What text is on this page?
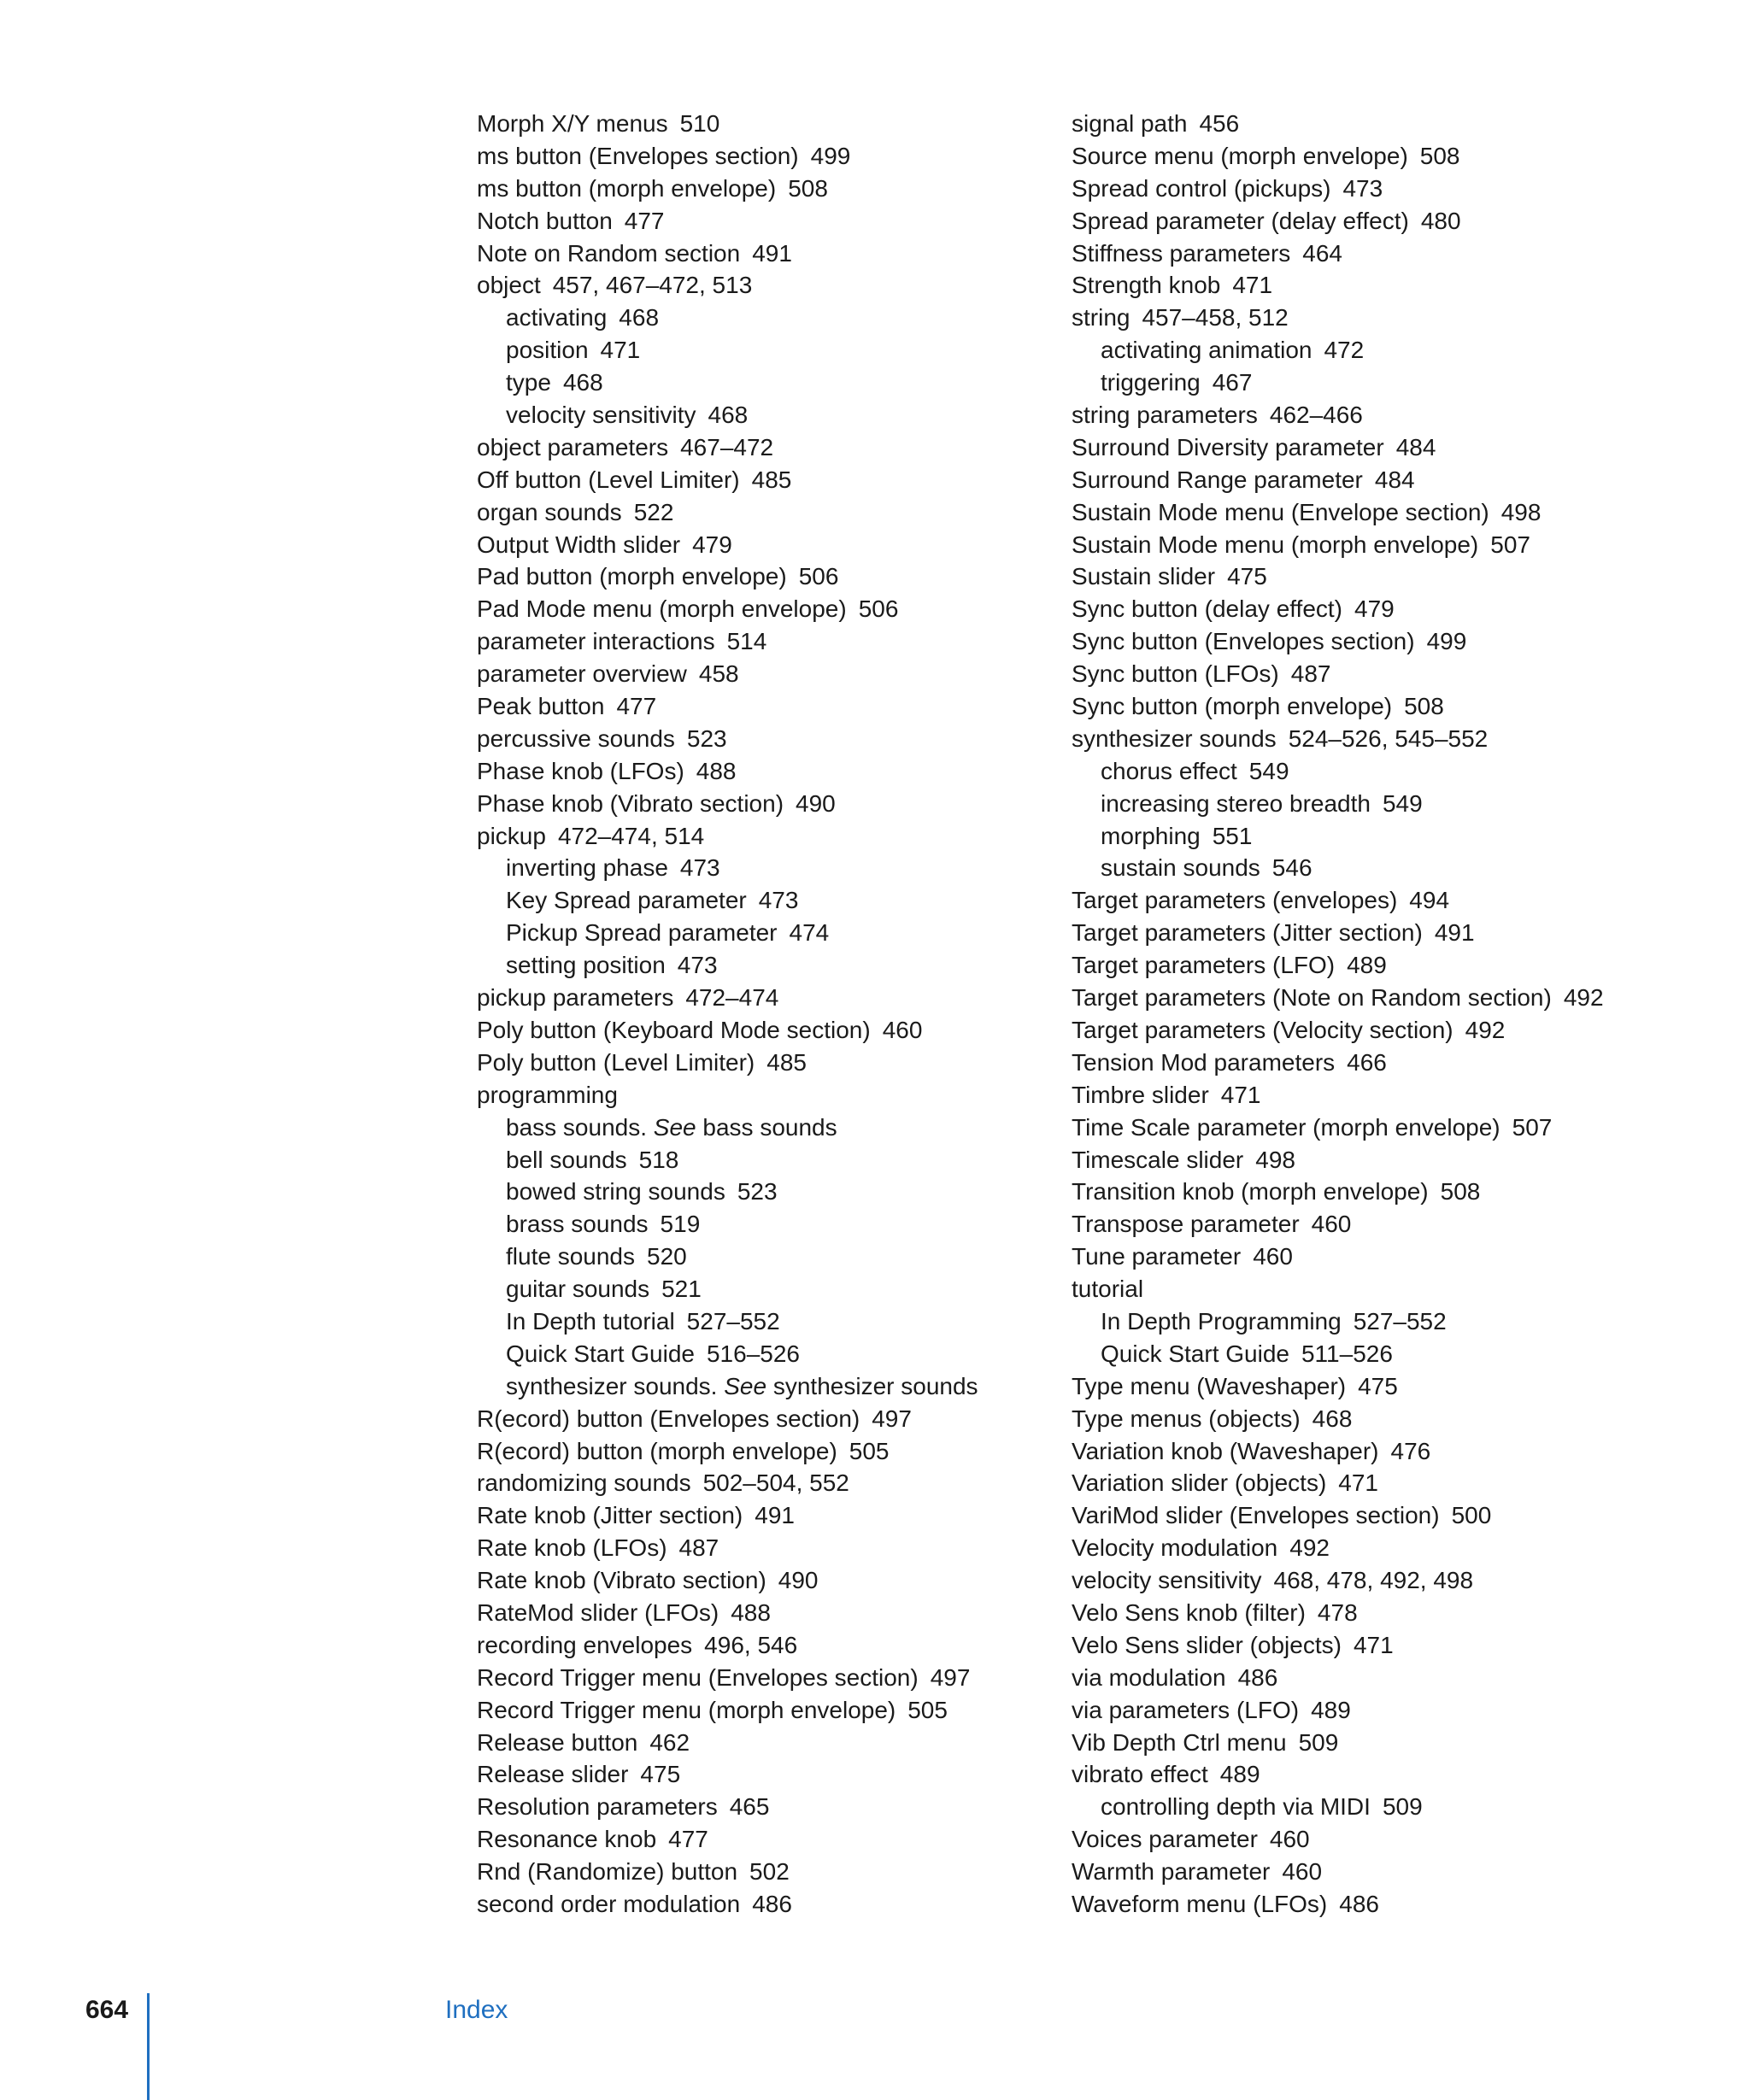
Morph X/Y menus 510
ms button (Envelopes section) 499
ms button (morph envelope) 508
Notch button 477
Note on Random section 491
object 457, 467–472, 513
activating 468
position 471
type 468
velocity sensitivity 468
object parameters 467–472
Off button (Level Limiter) 485
organ sounds 522
Output Width slider 479
Pad button (morph envelope) 506
Pad Mode menu (morph envelope) 506
parameter interactions 514
parameter overview 458
Peak button 477
percussive sounds 523
Phase knob (LFOs) 488
Phase knob (Vibrato section) 490
pickup 472–474, 514
inverting phase 473
Key Spread parameter 473
Pickup Spread parameter 474
setting position 473
pickup parameters 472–474
Poly button (Keyboard Mode section) 460
Poly button (Level Limiter) 485
programming
bass sounds. See bass sounds
bell sounds 518
bowed string sounds 523
brass sounds 519
flute sounds 520
guitar sounds 521
In Depth tutorial 527–552
Quick Start Guide 516–526
synthesizer sounds. See synthesizer sounds
R(ecord) button (Envelopes section) 497
R(ecord) button (morph envelope) 505
randomizing sounds 502–504, 552
Rate knob (Jitter section) 491
Rate knob (LFOs) 487
Rate knob (Vibrato section) 490
RateMod slider (LFOs) 488
recording envelopes 496, 546
Record Trigger menu (Envelopes section) 497
Record Trigger menu (morph envelope) 505
Release button 462
Release slider 475
Resolution parameters 465
Resonance knob 477
Rnd (Randomize) button 502
second order modulation 486
signal path 456
Source menu (morph envelope) 508
Spread control (pickups) 473
Spread parameter (delay effect) 480
Stiffness parameters 464
Strength knob 471
string 457–458, 512
activating animation 472
triggering 467
string parameters 462–466
Surround Diversity parameter 484
Surround Range parameter 484
Sustain Mode menu (Envelope section) 498
Sustain Mode menu (morph envelope) 507
Sustain slider 475
Sync button (delay effect) 479
Sync button (Envelopes section) 499
Sync button (LFOs) 487
Sync button (morph envelope) 508
synthesizer sounds 524–526, 545–552
chorus effect 549
increasing stereo breadth 549
morphing 551
sustain sounds 546
Target parameters (envelopes) 494
Target parameters (Jitter section) 491
Target parameters (LFO) 489
Target parameters (Note on Random section) 492
Target parameters (Velocity section) 492
Tension Mod parameters 466
Timbre slider 471
Time Scale parameter (morph envelope) 507
Timescale slider 498
Transition knob (morph envelope) 508
Transpose parameter 460
Tune parameter 460
tutorial
In Depth Programming 527–552
Quick Start Guide 511–526
Type menu (Waveshaper) 475
Type menus (objects) 468
Variation knob (Waveshaper) 476
Variation slider (objects) 471
VariMod slider (Envelopes section) 500
Velocity modulation 492
velocity sensitivity 468, 478, 492, 498
Velo Sens knob (filter) 478
Velo Sens slider (objects) 471
via modulation 486
via parameters (LFO) 489
Vib Depth Ctrl menu 509
vibrato effect 489
controlling depth via MIDI 509
Voices parameter 460
Warmth parameter 460
Waveform menu (LFOs) 486
664	Index
